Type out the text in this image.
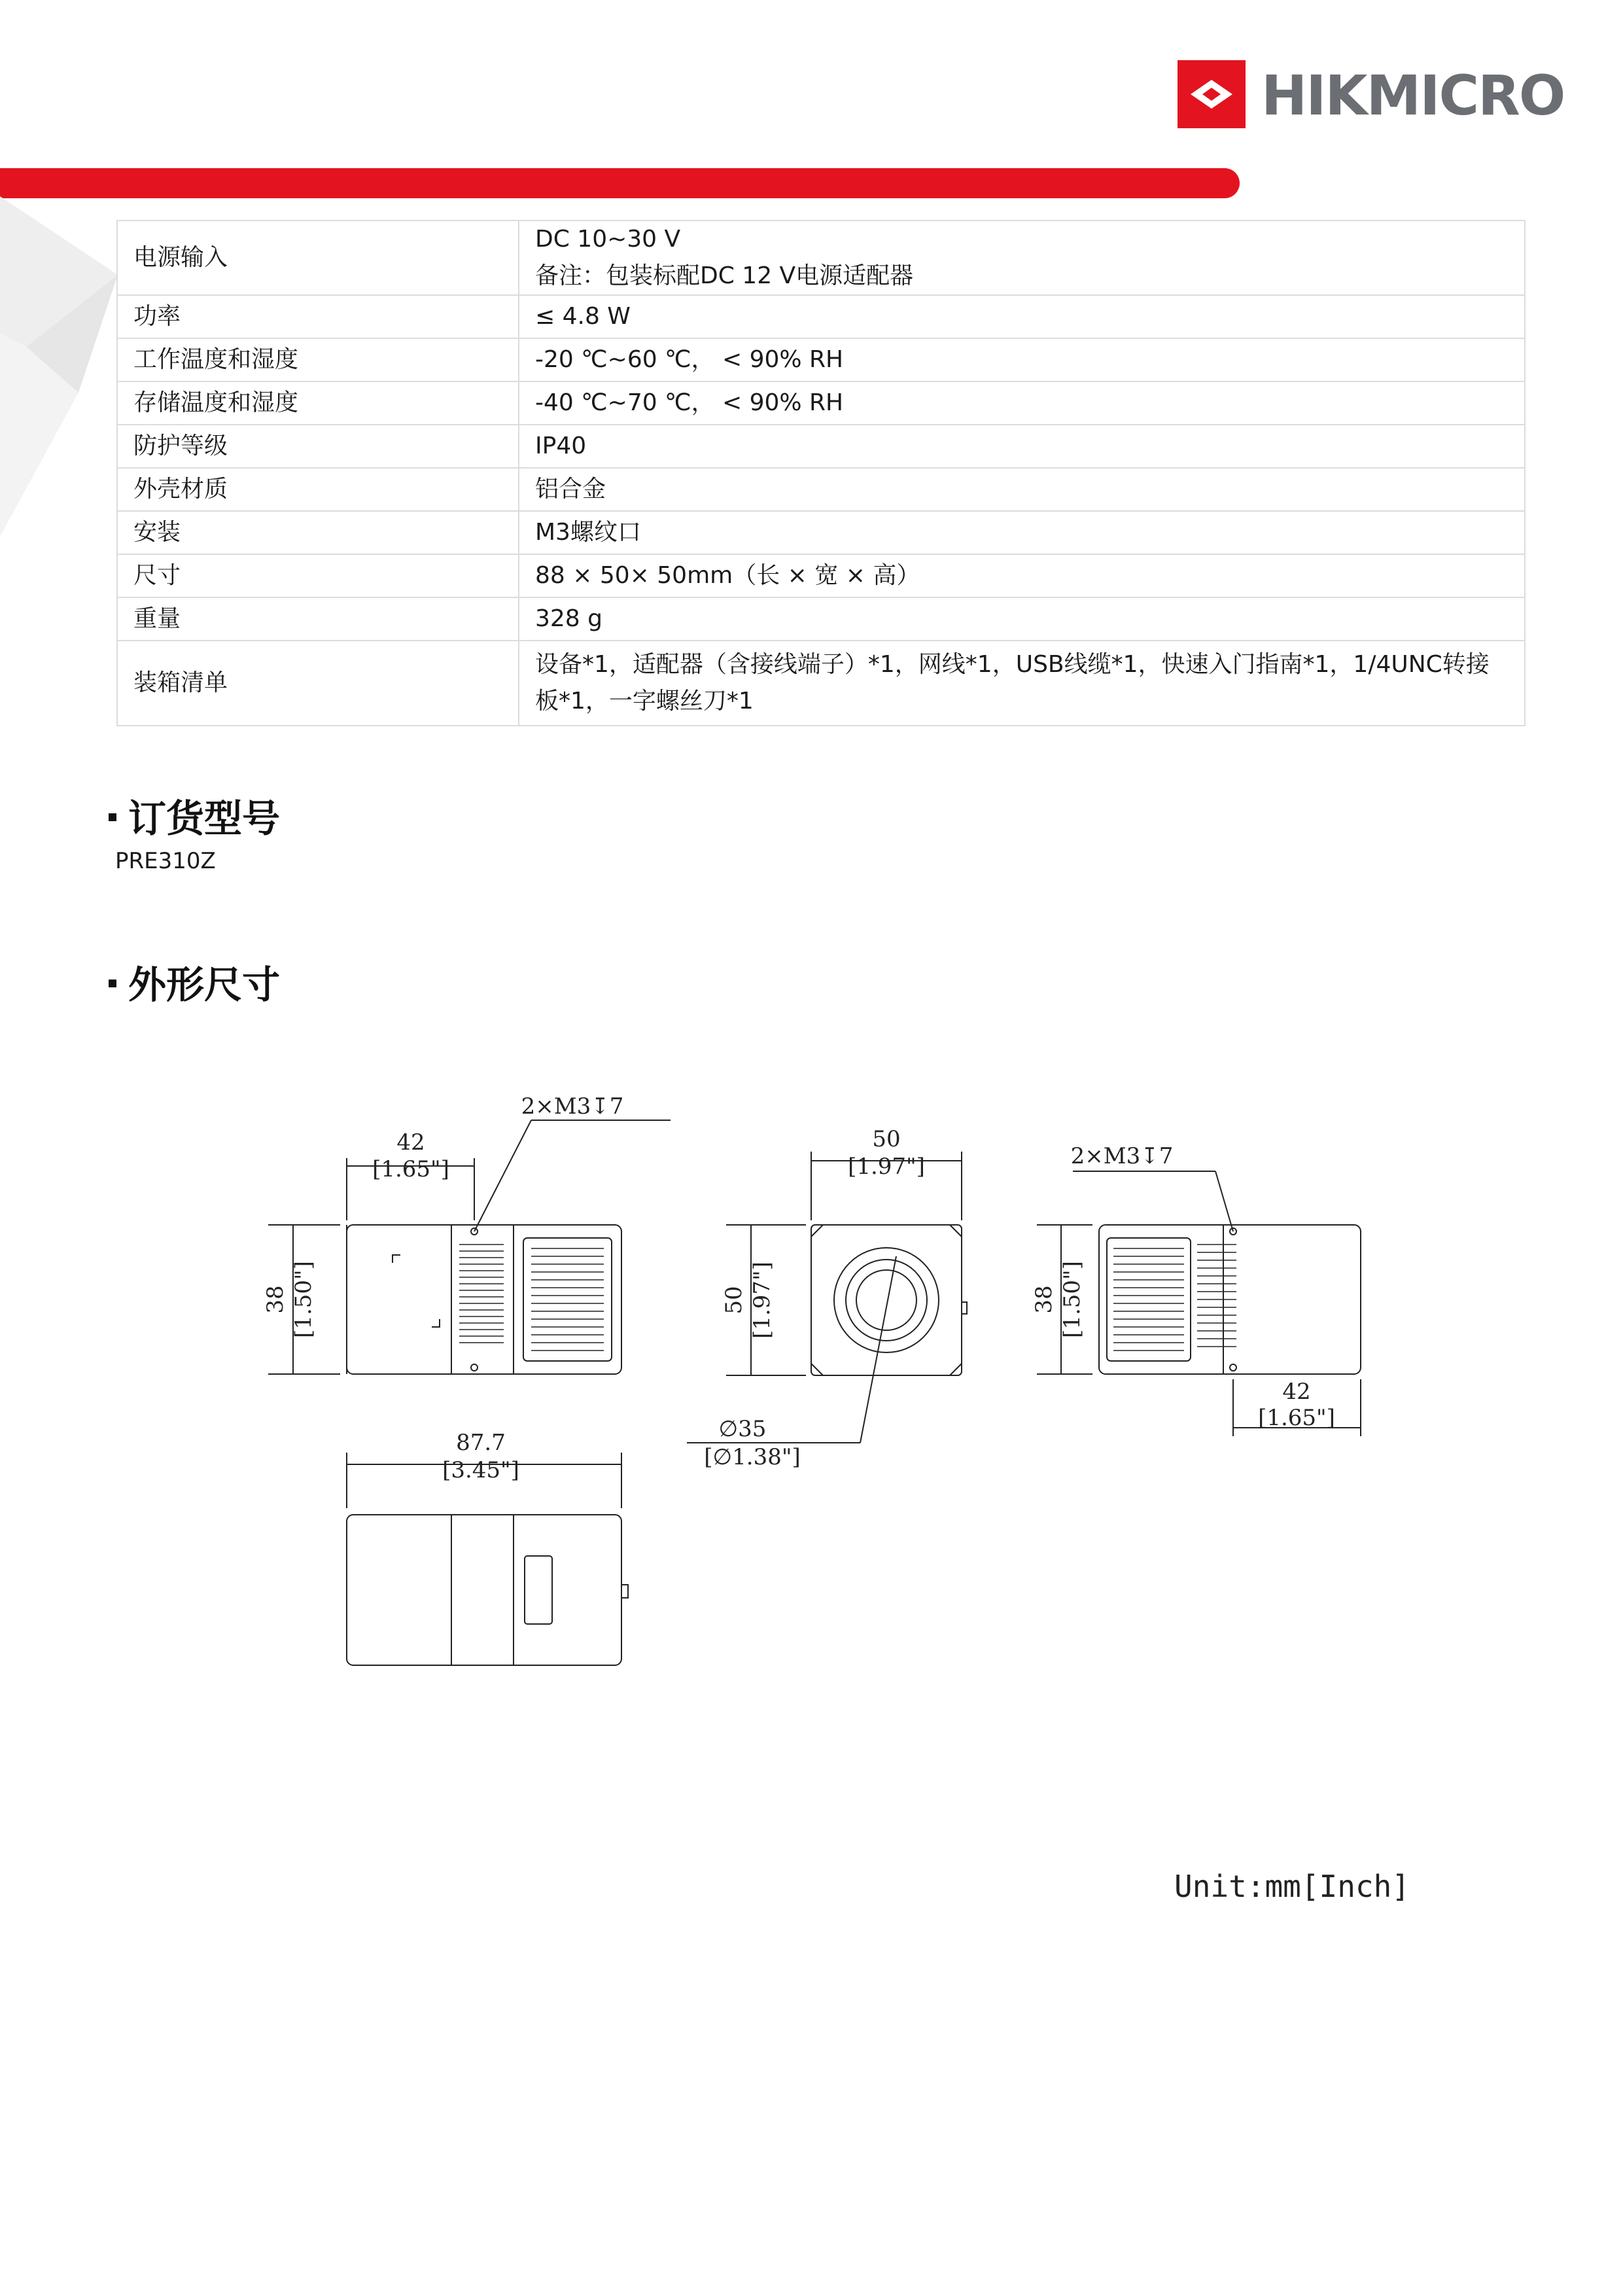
HIKMICRO
电源输入	DC 10~30 V
备注：包装标配DC 12 V电源适配器

功率	≤ 4.8 W

工作温度和湿度	-20 ℃~60 ℃， < 90% RH

存储温度和湿度	-40 ℃~70 ℃， < 90% RH

防护等级	IP40

外壳材质	铝合金

安装	M3螺纹口

尺寸	88 × 50× 50mm（长 × 宽 × 高）

重量	328 g

装箱清单	设备*1，适配器（含接线端子）*1，网线*1，USB线缆*1，快速入门指南*1，1/4UNC转接
板*1，一字螺丝刀*1
订货型号
PRE310Z
外形尺寸
42
[1.65"]
2×M3↧7
38 [1.50"]
50
[1.97"]
50 [1.97"]
∅35
[∅1.38"]
2×M3↧7
38 [1.50"]
42
[1.65"]
87.7
[3.45"]
Unit:mm[Inch]
